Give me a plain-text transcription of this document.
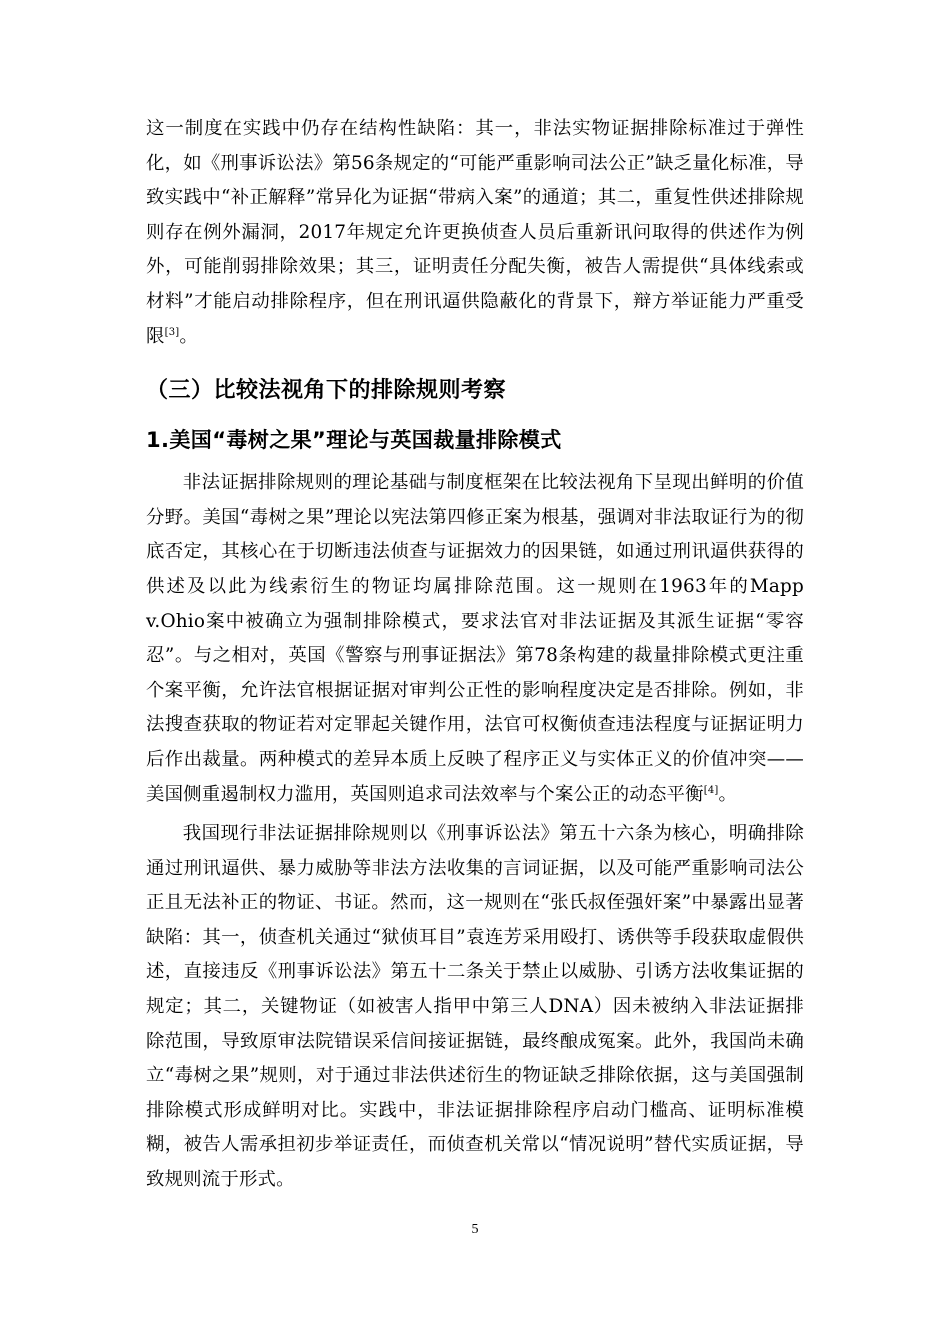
这一制度在实践中仍存在结构性缺陷：其一，非法实物证据排除标准过于弹性化，如《刑事诉讼法》第56条规定的“可能严重影响司法公正”缺乏量化标准，导致实践中“补正解释”常异化为证据“带病入案”的通道；其二，重复性供述排除规则存在例外漏洞，2017年规定允许更换侦查人员后重新讯问取得的供述作为例外，可能削弱排除效果；其三，证明责任分配失衡，被告人需提供“具体线索或材料”才能启动排除程序，但在刑讯逼供隐蔽化的背景下，辩方举证能力严重受限[3]。

（三）比较法视角下的排除规则考察
1.美国“毒树之果”理论与英国裁量排除模式

非法证据排除规则的理论基础与制度框架在比较法视角下呈现出鲜明的价值分野。美国“毒树之果”理论以宪法第四修正案为根基，强调对非法取证行为的彻底否定，其核心在于切断违法侦查与证据效力的因果链，如通过刑讯逼供获得的供述及以此为线索衍生的物证均属排除范围。这一规则在1963年的Mapp v.Ohio案中被确立为强制排除模式，要求法官对非法证据及其派生证据“零容忍”。与之相对，英国《警察与刑事证据法》第78条构建的裁量排除模式更注重个案平衡，允许法官根据证据对审判公正性的影响程度决定是否排除。例如，非法搜查获取的物证若对定罪起关键作用，法官可权衡侦查违法程度与证据证明力后作出裁量。两种模式的差异本质上反映了程序正义与实体正义的价值冲突——美国侧重遏制权力滥用，英国则追求司法效率与个案公正的动态平衡[4]。

我国现行非法证据排除规则以《刑事诉讼法》第五十六条为核心，明确排除通过刑讯逼供、暴力威胁等非法方法收集的言词证据，以及可能严重影响司法公正且无法补正的物证、书证。然而，这一规则在“张氏叔侄强奸案”中暴露出显著缺陷：其一，侦查机关通过“狱侦耳目”袁连芳采用殴打、诱供等手段获取虚假供述，直接违反《刑事诉讼法》第五十二条关于禁止以威胁、引诱方法收集证据的规定；其二，关键物证（如被害人指甲中第三人DNA）因未被纳入非法证据排除范围，导致原审法院错误采信间接证据链，最终酿成冤案。此外，我国尚未确立“毒树之果”规则，对于通过非法供述衍生的物证缺乏排除依据，这与美国强制排除模式形成鲜明对比。实践中，非法证据排除程序启动门槛高、证明标准模糊，被告人需承担初步举证责任，而侦查机关常以“情况说明”替代实质证据，导致规则流于形式。

5
